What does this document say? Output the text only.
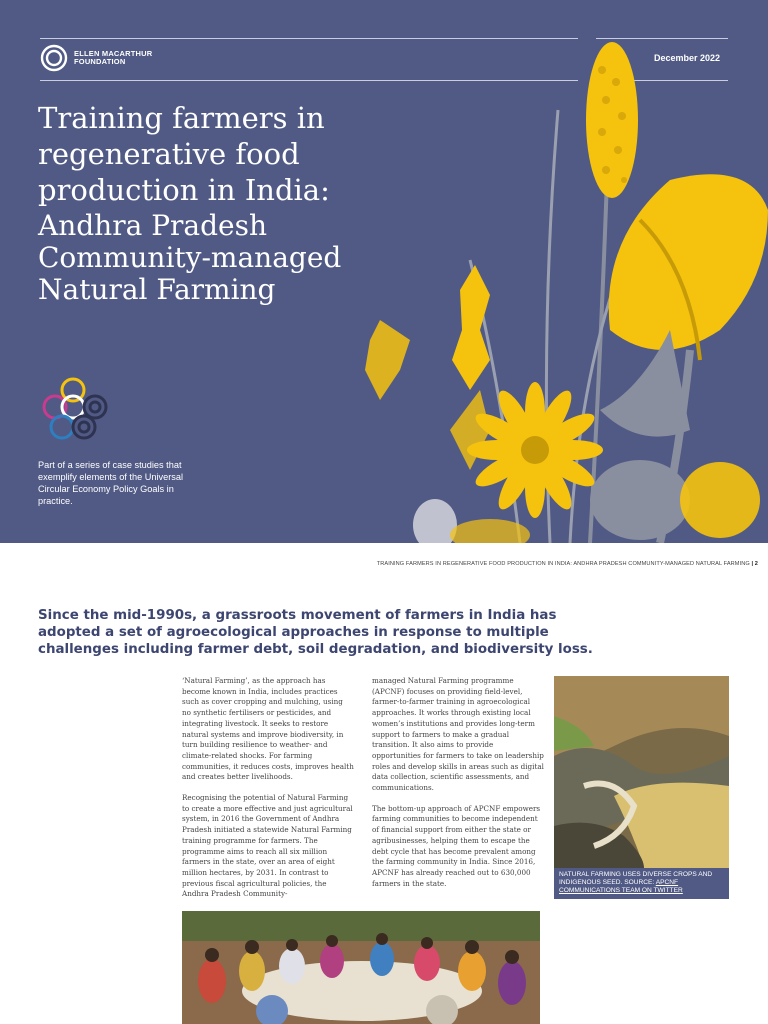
ELLEN MACARTHUR
FOUNDATION	December 2022
Training farmers in
regenerative food
production in India:
Andhra Pradesh
Community-managed
Natural Farming
Part of a series of case studies that exemplify elements of the Universal Circular Economy Policy Goals in practice.
TRAINING FARMERS IN REGENERATIVE FOOD PRODUCTION IN INDIA: ANDHRA PRADESH COMMUNITY-MANAGED NATURAL FARMING | 2
Since the mid-1990s, a grassroots movement of farmers in India has adopted a set of agroecological approaches in response to multiple challenges including farmer debt, soil degradation, and biodiversity loss.

‘Natural Farming’, as the approach has become known in India, includes practices such as cover cropping and mulching, using no synthetic fertilisers or pesticides, and integrating livestock. It seeks to restore natural systems and improve biodiversity, in turn building resilience to weather- and climate-related shocks. For farming communities, it reduces costs, improves health and creates better livelihoods.

Recognising the potential of Natural Farming to create a more effective and just agricultural system, in 2016 the Government of Andhra Pradesh initiated a statewide Natural Farming training programme for farmers. The programme aims to reach all six million farmers in the state, over an area of eight million hectares, by 2031. In contrast to previous fiscal agricultural policies, the Andhra Pradesh Community-

managed Natural Farming programme (APCNF) focuses on providing field-level, farmer-to-farmer training in agroecological approaches. It works through existing local women’s institutions and provides long-term support to farmers to make a gradual transition. It also aims to provide opportunities for farmers to take on leadership roles and develop skills in areas such as digital data collection, scientific assessments, and communications.

The bottom-up approach of APCNF empowers farming communities to become independent of financial support from either the state or agribusinesses, helping them to escape the debt cycle that has become prevalent among the farming community in India. Since 2016, APCNF has already reached out to 630,000 farmers in the state.

NATURAL FARMING USES DIVERSE CROPS AND INDIGENOUS SEED. SOURCE: APCNF COMMUNICATIONS TEAM ON TWITTER
